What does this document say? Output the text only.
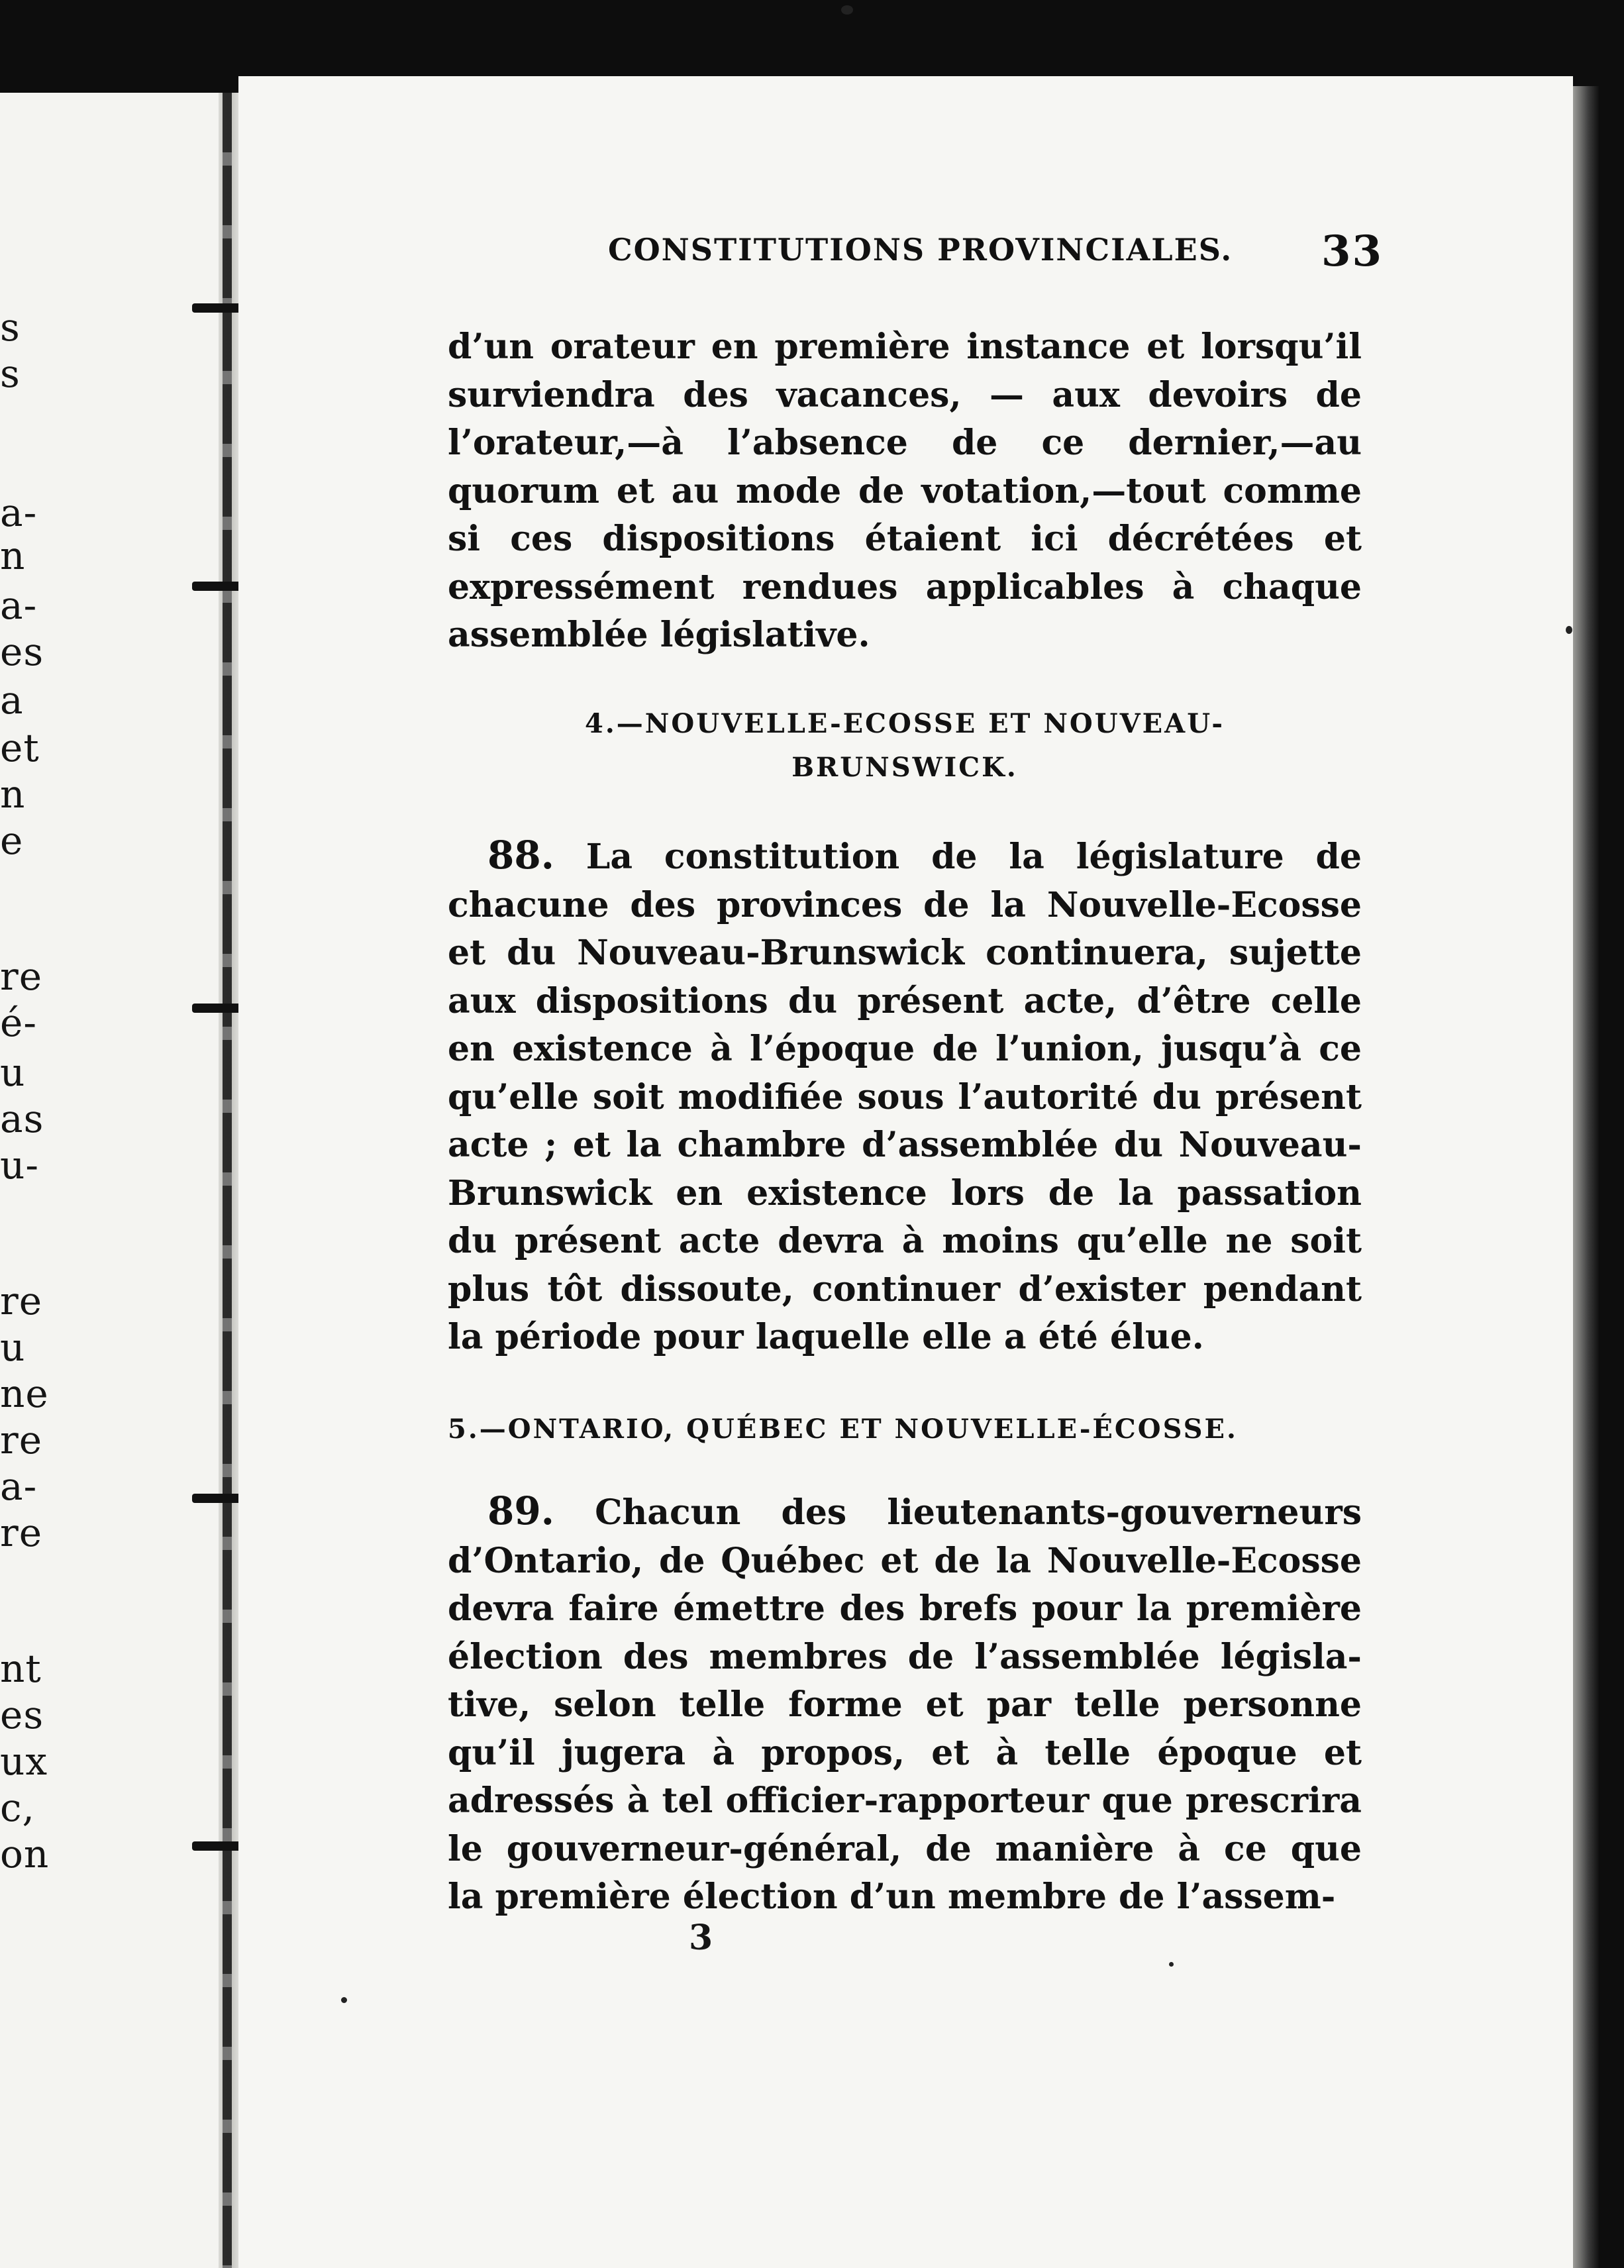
s
s
a-
n
a-
es
a
et
n
e
re
é-
u
as
u-
re
u
ne
re
a-
re
nt
es
ux
c,
on
CONSTITUTIONS PROVINCIALES. 33
d’un orateur en première instance et lorsqu’il
surviendra des vacances, — aux devoirs de
l’orateur,—à l’absence de ce dernier,—au
quorum et au mode de votation,—tout comme
si ces dispositions étaient ici décrétées et
expressément rendues applicables à chaque
assemblée législative.
4.—NOUVELLE-ECOSSE ET NOUVEAU-
BRUNSWICK.
88. La constitution de la législature de
chacune des provinces de la Nouvelle-Ecosse
et du Nouveau-Brunswick continuera, sujette
aux dispositions du présent acte, d’être celle
en existence à l’époque de l’union, jusqu’à ce
qu’elle soit modifiée sous l’autorité du présent
acte ; et la chambre d’assemblée du Nouveau-
Brunswick en existence lors de la passation
du présent acte devra à moins qu’elle ne soit
plus tôt dissoute, continuer d’exister pendant
la période pour laquelle elle a été élue.
5.—ONTARIO, QUÉBEC ET NOUVELLE-ÉCOSSE.
89. Chacun des lieutenants-gouverneurs
d’Ontario, de Québec et de la Nouvelle-Ecosse
devra faire émettre des brefs pour la première
élection des membres de l’assemblée législa-
tive, selon telle forme et par telle personne
qu’il jugera à propos, et à telle époque et
adressés à tel officier-rapporteur que prescrira
le gouverneur-général, de manière à ce que
la première élection d’un membre de l’assem-
3
